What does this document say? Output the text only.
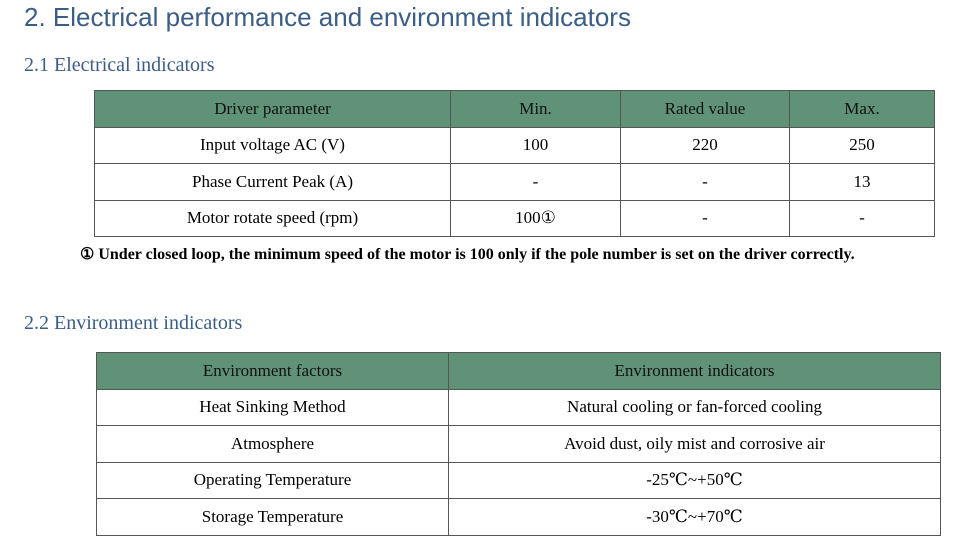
2. Electrical performance and environment indicators
2.1 Electrical indicators
Driver parameter	Min.	Rated value	Max.
Input voltage AC (V)	100	220	250
Phase Current Peak (A)	-	-	13
Motor rotate speed (rpm)	100①	-	-
① Under closed loop, the minimum speed of the motor is 100 only if the pole number is set on the driver correctly.
2.2 Environment indicators
Environment factors	Environment indicators
Heat Sinking Method	Natural cooling or fan-forced cooling
Atmosphere	Avoid dust, oily mist and corrosive air
Operating Temperature	-25℃~+50℃
Storage Temperature	-30℃~+70℃
